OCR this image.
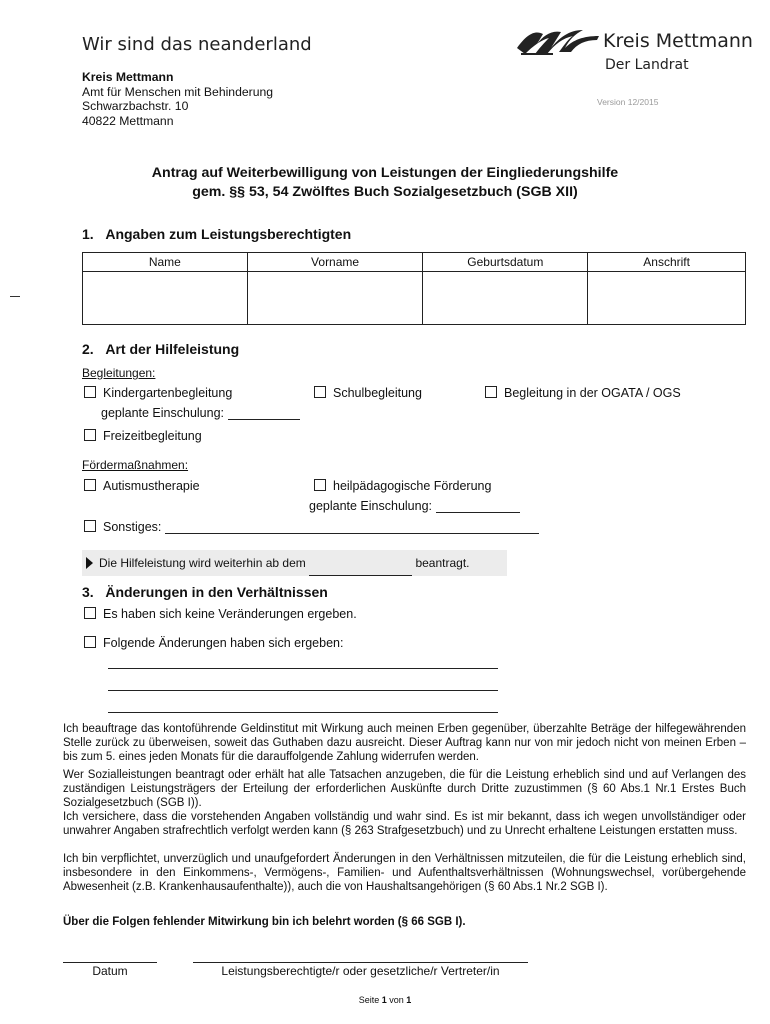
Wir sind das neanderland
Kreis Mettmann
Amt für Menschen mit Behinderung
Schwarzbachstr. 10
40822 Mettmann
Kreis Mettmann
Der Landrat
Version 12/2015
Antrag auf Weiterbewilligung von Leistungen der Eingliederungshilfe
gem. §§ 53, 54 Zwölftes Buch Sozialgesetzbuch (SGB XII)
1.   Angaben zum Leistungsberechtigten
Name	Vorname	Geburtsdatum	Anschrift

2.   Art der Hilfeleistung
Begleitungen:
Kindergartenbegleitung	Schulbegleitung	Begleitung in der OGATA / OGS
geplante Einschulung:
Freizeitbegleitung
Fördermaßnahmen:
Autismustherapie	heilpädagogische Förderung
geplante Einschulung:
Sonstiges:
Die Hilfeleistung wird weiterhin ab dem	beantragt.
3.   Änderungen in den Verhältnissen
Es haben sich keine Veränderungen ergeben.
Folgende Änderungen haben sich ergeben:
Ich beauftrage das kontoführende Geldinstitut mit Wirkung auch meinen Erben gegenüber, überzahlte Beträge der hilfegewährenden Stelle zurück zu überweisen, soweit das Guthaben dazu ausreicht. Dieser Auftrag kann nur von mir jedoch nicht von meinen Erben – bis zum 5. eines jeden Monats für die darauffolgende Zahlung widerrufen werden.
Wer Sozialleistungen beantragt oder erhält hat alle Tatsachen anzugeben, die für die Leistung erheblich sind und auf Verlangen des zuständigen Leistungsträgers der Erteilung der erforderlichen Auskünfte durch Dritte zuzustimmen (§ 60 Abs.1 Nr.1 Erstes Buch Sozialgesetzbuch (SGB I)).
Ich versichere, dass die vorstehenden Angaben vollständig und wahr sind. Es ist mir bekannt, dass ich wegen unvollständiger oder unwahrer Angaben strafrechtlich verfolgt werden kann (§ 263 Strafgesetzbuch) und zu Unrecht erhaltene Leistungen erstatten muss.
Ich bin verpflichtet, unverzüglich und unaufgefordert Änderungen in den Verhältnissen mitzuteilen, die für die Leistung erheblich sind, insbesondere in den Einkommens-, Vermögens-, Familien- und Aufenthaltsverhältnissen (Wohnungswechsel, vorübergehende Abwesenheit (z.B. Krankenhausaufenthalte)), auch die von Haushaltsangehörigen (§ 60 Abs.1 Nr.2 SGB I).
Über die Folgen fehlender Mitwirkung bin ich belehrt worden (§ 66 SGB I).
Datum	Leistungsberechtigte/r oder gesetzliche/r Vertreter/in
Seite 1 von 1
